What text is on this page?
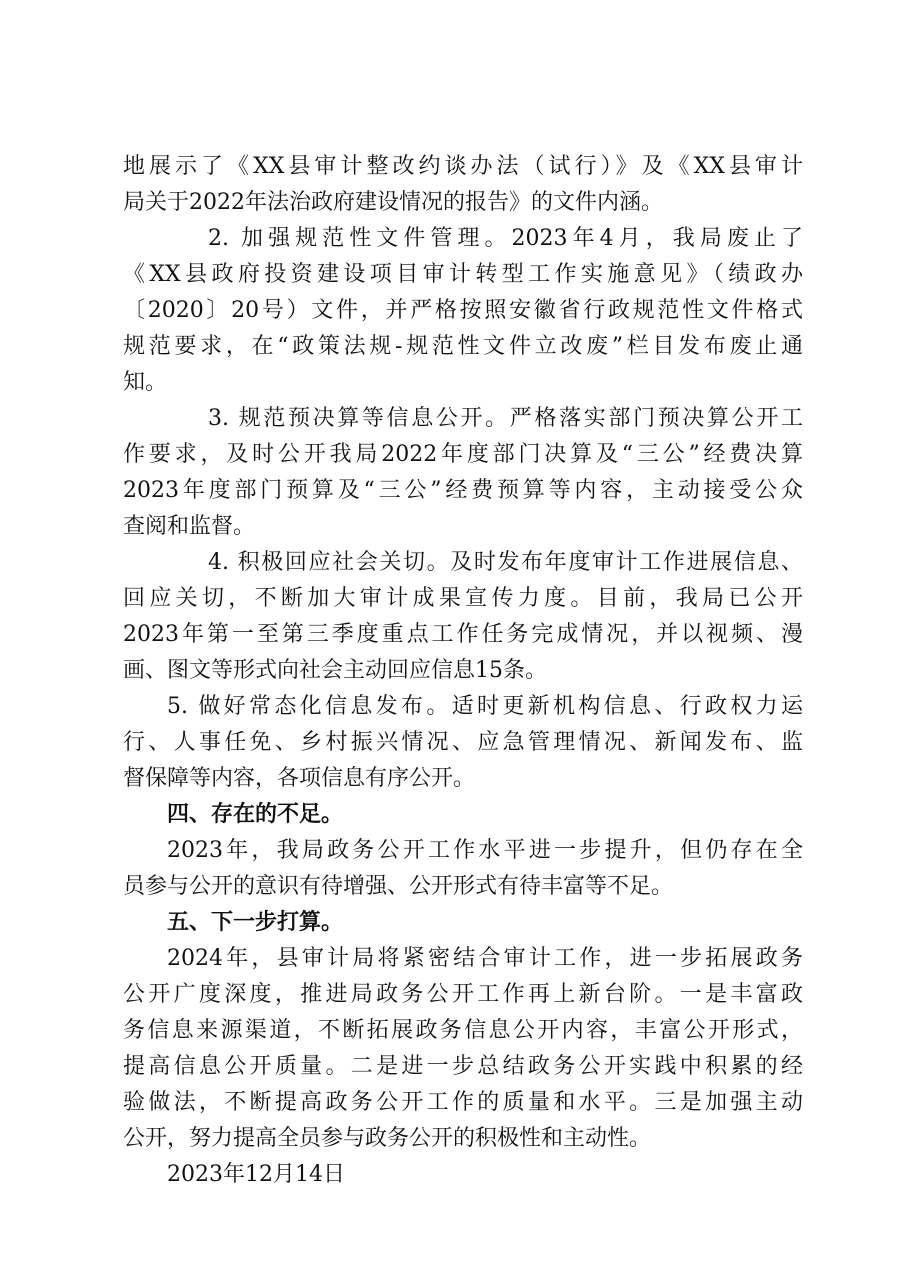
地展示了《XX县审计整改约谈办法（试行）》及《XX县审计
局关于2022年法治政府建设情况的报告》的文件内涵。
2. 加强规范性文件管理。2023年4月，我局废止了
《XX县政府投资建设项目审计转型工作实施意见》（绩政办
〔2020〕20号）文件，并严格按照安徽省行政规范性文件格式
规范要求，在“政策法规-规范性文件立改废”栏目发布废止通
知。
3. 规范预决算等信息公开。严格落实部门预决算公开工
作要求，及时公开我局2022年度部门决算及“三公”经费决算
2023年度部门预算及“三公”经费预算等内容，主动接受公众
查阅和监督。
4. 积极回应社会关切。及时发布年度审计工作进展信息、
回应关切，不断加大审计成果宣传力度。目前，我局已公开
2023年第一至第三季度重点工作任务完成情况，并以视频、漫
画、图文等形式向社会主动回应信息15条。
5. 做好常态化信息发布。适时更新机构信息、行政权力运
行、人事任免、乡村振兴情况、应急管理情况、新闻发布、监
督保障等内容，各项信息有序公开。
四、存在的不足。
2023年，我局政务公开工作水平进一步提升，但仍存在全
员参与公开的意识有待增强、公开形式有待丰富等不足。
五、下一步打算。
2024年，县审计局将紧密结合审计工作，进一步拓展政务
公开广度深度，推进局政务公开工作再上新台阶。一是丰富政
务信息来源渠道，不断拓展政务信息公开内容，丰富公开形式，
提高信息公开质量。二是进一步总结政务公开实践中积累的经
验做法，不断提高政务公开工作的质量和水平。三是加强主动
公开，努力提高全员参与政务公开的积极性和主动性。
2023年12月14日
